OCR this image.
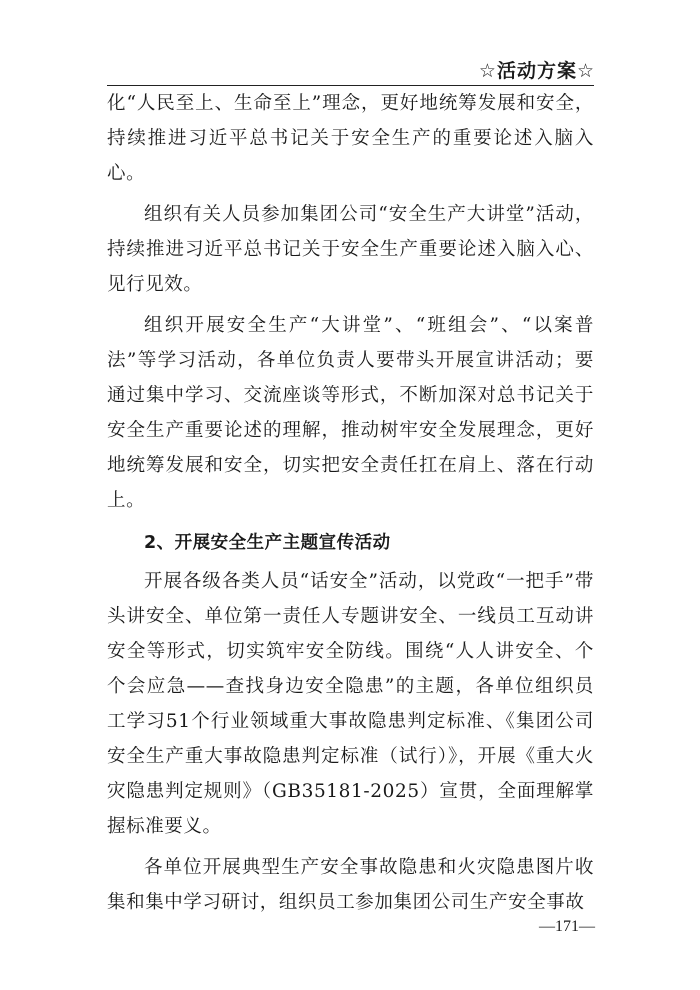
☆活动方案☆

化“人民至上、生命至上”理念，更好地统筹发展和安全，持续推进习近平总书记关于安全生产的重要论述入脑入心。

组织有关人员参加集团公司“安全生产大讲堂”活动，持续推进习近平总书记关于安全生产重要论述入脑入心、见行见效。

组织开展安全生产“大讲堂”、“班组会”、“以案普法”等学习活动，各单位负责人要带头开展宣讲活动；要通过集中学习、交流座谈等形式，不断加深对总书记关于安全生产重要论述的理解，推动树牢安全发展理念，更好地统筹发展和安全，切实把安全责任扛在肩上、落在行动上。

2、开展安全生产主题宣传活动

开展各级各类人员“话安全”活动，以党政“一把手”带头讲安全、单位第一责任人专题讲安全、一线员工互动讲安全等形式，切实筑牢安全防线。围绕“人人讲安全、个个会应急——查找身边安全隐患”的主题，各单位组织员工学习51个行业领域重大事故隐患判定标准、《集团公司安全生产重大事故隐患判定标准（试行）》，开展《重大火灾隐患判定规则》（GB35181-2025）宣贯，全面理解掌握标准要义。

各单位开展典型生产安全事故隐患和火灾隐患图片收集和集中学习研讨，组织员工参加集团公司生产安全事故

—171—
